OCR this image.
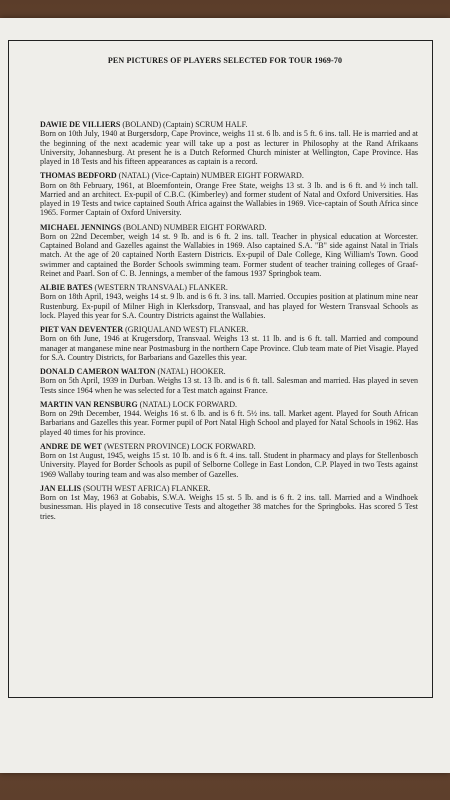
PEN PICTURES OF PLAYERS SELECTED FOR TOUR 1969-70
DAWIE DE VILLIERS (BOLAND) (Captain) SCRUM HALF.
Born on 10th July, 1940 at Burgersdorp, Cape Province, weighs 11 st. 6 lb. and is 5 ft. 6 ins. tall. He is married and at the beginning of the next academic year will take up a post as lecturer in Philosophy at the Rand Afrikaans University, Johannesburg. At present he is a Dutch Reformed Church minister at Wellington, Cape Province. Has played in 18 Tests and his fifteen appearances as captain is a record.
THOMAS BEDFORD (NATAL) (Vice-Captain) NUMBER EIGHT FORWARD.
Born on 8th February, 1961, at Bloemfontein, Orange Free State, weighs 13 st. 3 lb. and is 6 ft. and ½ inch tall. Married and an architect. Ex-pupil of C.B.C. (Kimberley) and former student of Natal and Oxford Universities. Has played in 19 Tests and twice captained South Africa against the Wallabies in 1969. Vice-captain of South Africa since 1965. Former Captain of Oxford University.
MICHAEL JENNINGS (BOLAND) NUMBER EIGHT FORWARD.
Born on 22nd December, weigh 14 st. 9 lb. and is 6 ft. 2 ins. tall. Teacher in physical education at Worcester. Captained Boland and Gazelles against the Wallabies in 1969. Also captained S.A. "B" side against Natal in Trials match. At the age of 20 captained North Eastern Districts. Ex-pupil of Dale College, King William's Town. Good swimmer and captained the Border Schools swimming team. Former student of teacher training colleges of Graaf-Reinet and Paarl. Son of C. B. Jennings, a member of the famous 1937 Springbok team.
ALBIE BATES (WESTERN TRANSVAAL) FLANKER.
Born on 18th April, 1943, weighs 14 st. 9 lb. and is 6 ft. 3 ins. tall. Married. Occupies position at platinum mine near Rustenburg. Ex-pupil of Milner High in Klerksdorp, Transvaal, and has played for Western Transvaal Schools as lock. Played this year for S.A. Country Districts against the Wallabies.
PIET VAN DEVENTER (GRIQUALAND WEST) FLANKER.
Born on 6th June, 1946 at Krugersdorp, Transvaal. Weighs 13 st. 11 lb. and is 6 ft. tall. Married and compound manager at manganese mine near Postmasburg in the northern Cape Province. Club team mate of Piet Visagie. Played for S.A. Country Districts, for Barbarians and Gazelles this year.
DONALD CAMERON WALTON (NATAL) HOOKER.
Born on 5th April, 1939 in Durban. Weighs 13 st. 13 lb. and is 6 ft. tall. Salesman and married. Has played in seven Tests since 1964 when he was selected for a Test match against France.
MARTIN VAN RENSBURG (NATAL) LOCK FORWARD.
Born on 29th December, 1944. Weighs 16 st. 6 lb. and is 6 ft. 5½ ins. tall. Market agent. Played for South African Barbarians and Gazelles this year. Former pupil of Port Natal High School and played for Natal Schools in 1962. Has played 40 times for his province.
ANDRE DE WET (WESTERN PROVINCE) LOCK FORWARD.
Born on 1st August, 1945, weighs 15 st. 10 lb. and is 6 ft. 4 ins. tall. Student in pharmacy and plays for Stellenbosch University. Played for Border Schools as pupil of Selborne College in East London, C.P. Played in two Tests against 1969 Wallaby touring team and was also member of Gazelles.
JAN ELLIS (SOUTH WEST AFRICA) FLANKER.
Born on 1st May, 1963 at Gobabis, S.W.A. Weighs 15 st. 5 lb. and is 6 ft. 2 ins. tall. Married and a Windhoek businessman. His played in 18 consecutive Tests and altogether 38 matches for the Springboks. Has scored 5 Test tries.
